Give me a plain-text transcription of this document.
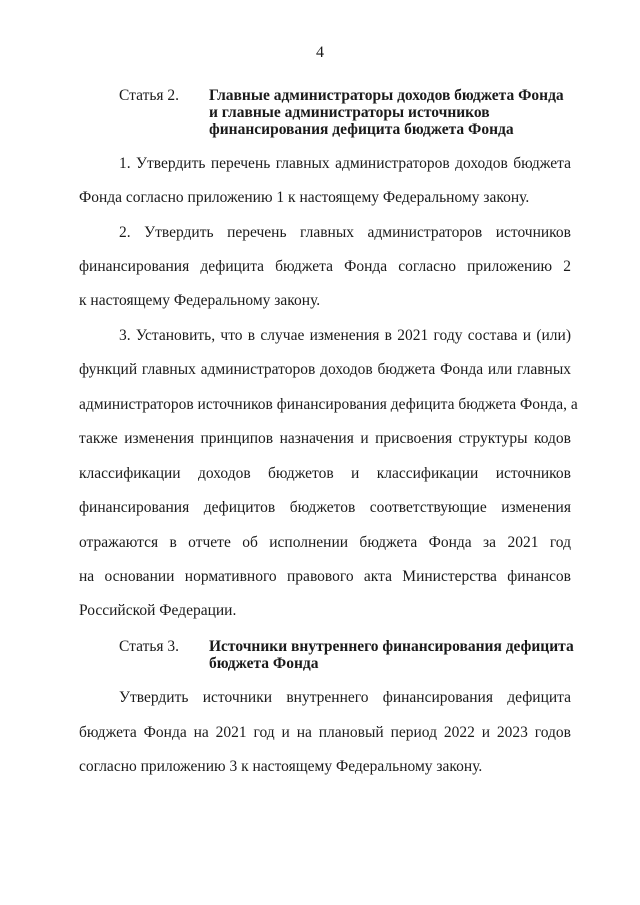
4
Статья 2.	Главные администраторы доходов бюджета Фонда
и главные администраторы источников
финансирования дефицита бюджета Фонда
1. Утвердить перечень главных администраторов доходов бюджета
Фонда согласно приложению 1 к настоящему Федеральному закону.
2. Утвердить перечень главных администраторов источников
финансирования дефицита бюджета Фонда согласно приложению 2
к настоящему Федеральному закону.
3. Установить, что в случае изменения в 2021 году состава и (или)
функций главных администраторов доходов бюджета Фонда или главных
администраторов источников финансирования дефицита бюджета Фонда, а
также изменения принципов назначения и присвоения структуры кодов
классификации доходов бюджетов и классификации источников
финансирования дефицитов бюджетов соответствующие изменения
отражаются в отчете об исполнении бюджета Фонда за 2021 год
на основании нормативного правового акта Министерства финансов
Российской Федерации.
Статья 3.	Источники внутреннего финансирования дефицита
бюджета Фонда
Утвердить источники внутреннего финансирования дефицита
бюджета Фонда на 2021 год и на плановый период 2022 и 2023 годов
согласно приложению 3 к настоящему Федеральному закону.
